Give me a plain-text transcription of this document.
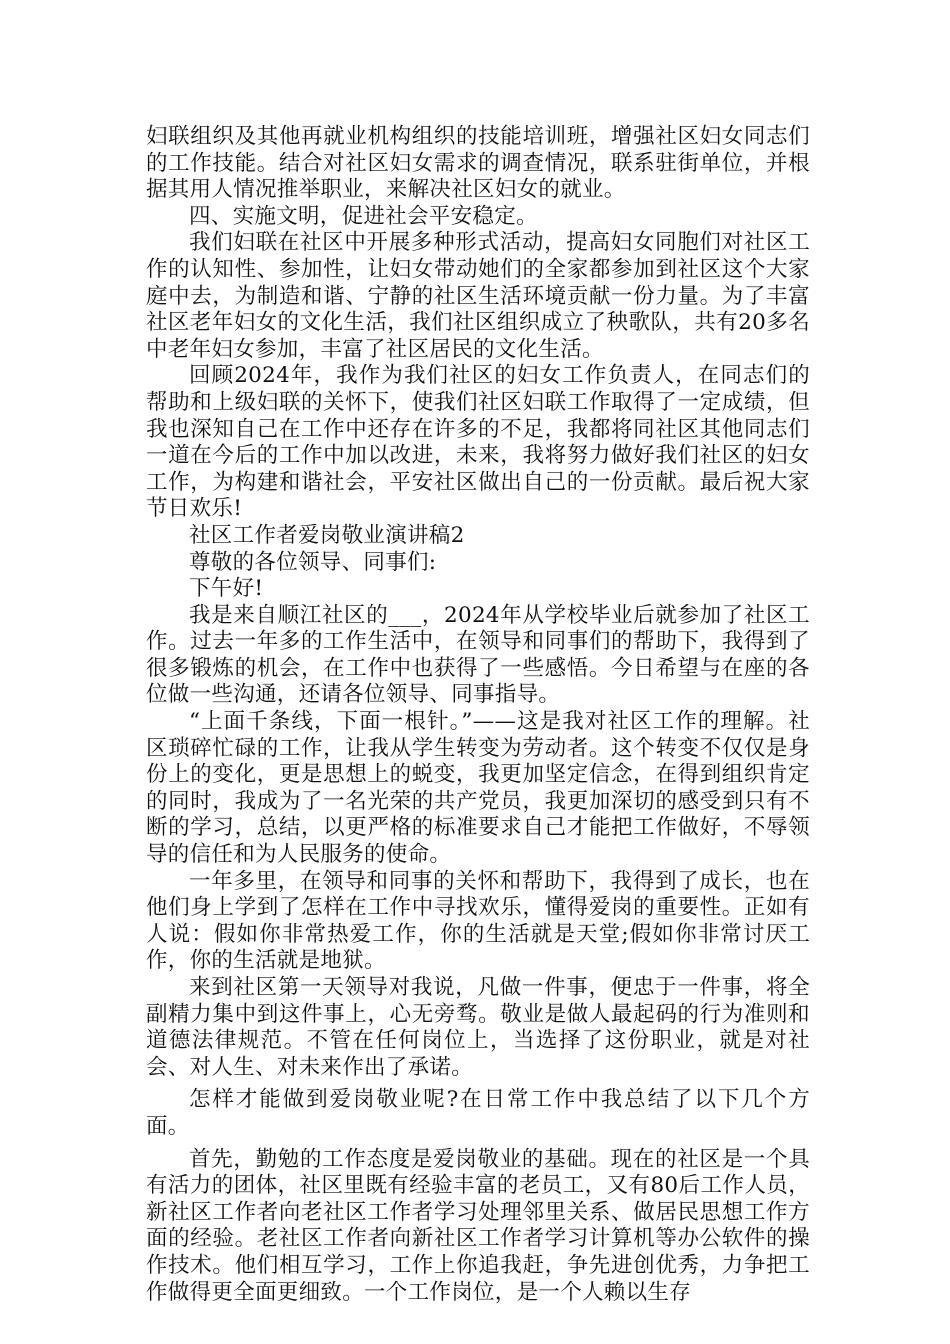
妇联组织及其他再就业机构组织的技能培训班，增强社区妇女同志们的工作技能。结合对社区妇女需求的调查情况，联系驻街单位，并根据其用人情况推举职业，来解决社区妇女的就业。

四、实施文明，促进社会平安稳定。

我们妇联在社区中开展多种形式活动，提高妇女同胞们对社区工作的认知性、参加性，让妇女带动她们的全家都参加到社区这个大家庭中去，为制造和谐、宁静的社区生活环境贡献一份力量。为了丰富社区老年妇女的文化生活，我们社区组织成立了秧歌队，共有20多名中老年妇女参加，丰富了社区居民的文化生活。

回顾2024年，我作为我们社区的妇女工作负责人，在同志们的帮助和上级妇联的关怀下，使我们社区妇联工作取得了一定成绩，但我也深知自己在工作中还存在许多的不足，我都将同社区其他同志们一道在今后的工作中加以改进，未来，我将努力做好我们社区的妇女工作，为构建和谐社会，平安社区做出自己的一份贡献。最后祝大家节日欢乐!

社区工作者爱岗敬业演讲稿2

尊敬的各位领导、同事们:

下午好!

我是来自顺江社区的___，2024年从学校毕业后就参加了社区工作。过去一年多的工作生活中，在领导和同事们的帮助下，我得到了很多锻炼的机会，在工作中也获得了一些感悟。今日希望与在座的各位做一些沟通，还请各位领导、同事指导。

“上面千条线，下面一根针。”——这是我对社区工作的理解。社区琐碎忙碌的工作，让我从学生转变为劳动者。这个转变不仅仅是身份上的变化，更是思想上的蜕变，我更加坚定信念，在得到组织肯定的同时，我成为了一名光荣的共产党员，我更加深切的感受到只有不断的学习，总结，以更严格的标准要求自己才能把工作做好，不辱领导的信任和为人民服务的使命。

一年多里，在领导和同事的关怀和帮助下，我得到了成长，也在他们身上学到了怎样在工作中寻找欢乐，懂得爱岗的重要性。正如有人说：假如你非常热爱工作，你的生活就是天堂;假如你非常讨厌工作，你的生活就是地狱。

来到社区第一天领导对我说，凡做一件事，便忠于一件事，将全副精力集中到这件事上，心无旁骛。敬业是做人最起码的行为准则和道德法律规范。不管在任何岗位上，当选择了这份职业，就是对社会、对人生、对未来作出了承诺。

怎样才能做到爱岗敬业呢?在日常工作中我总结了以下几个方面。

首先，勤勉的工作态度是爱岗敬业的基础。现在的社区是一个具有活力的团体，社区里既有经验丰富的老员工，又有80后工作人员，新社区工作者向老社区工作者学习处理邻里关系、做居民思想工作方面的经验。老社区工作者向新社区工作者学习计算机等办公软件的操作技术。他们相互学习，工作上你追我赶，争先进创优秀，力争把工作做得更全面更细致。一个工作岗位，是一个人赖以生存
